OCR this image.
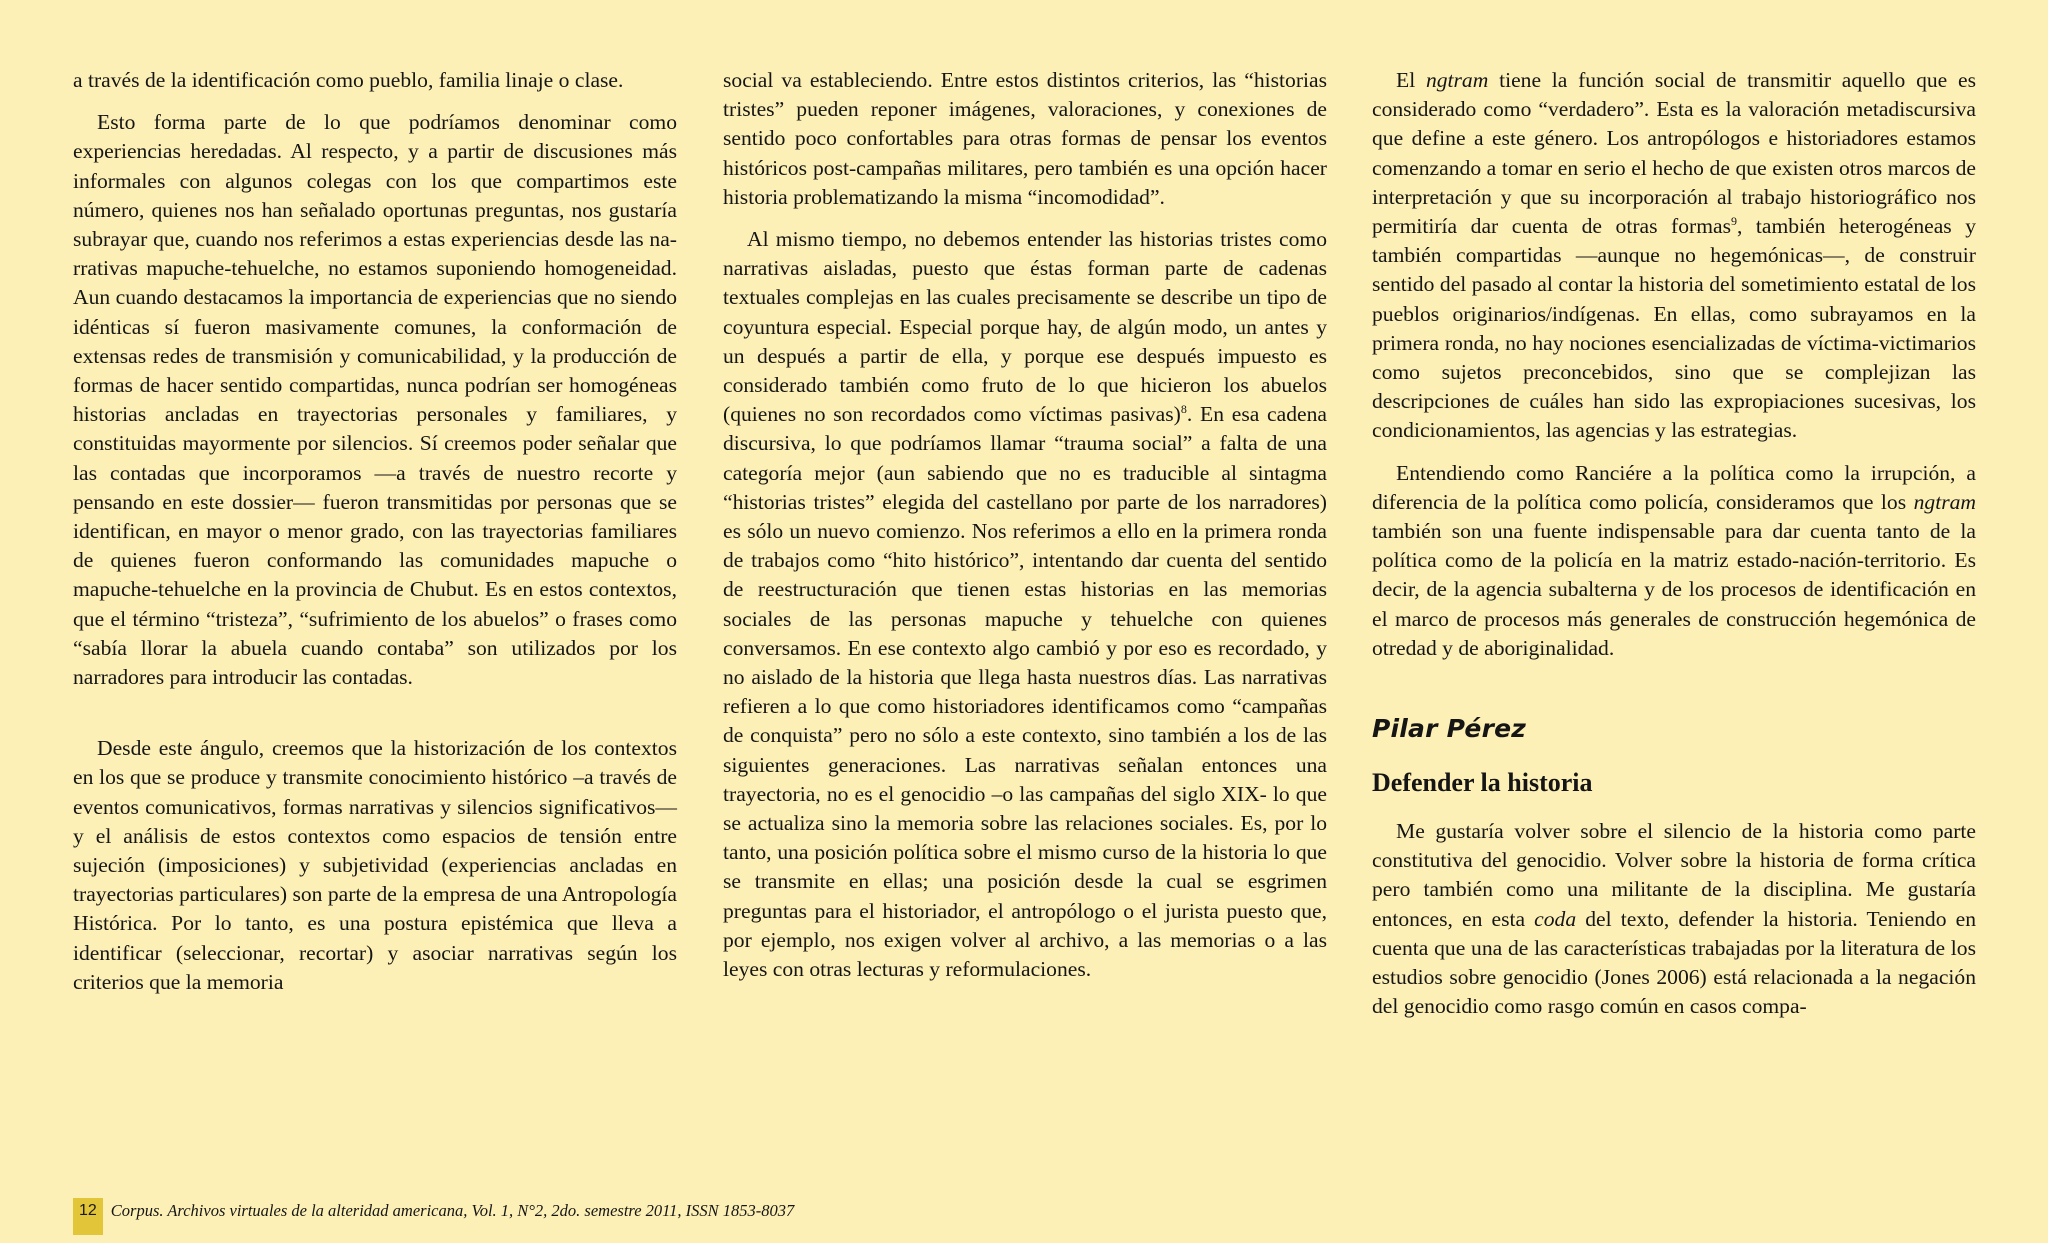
a través de la identificación como pueblo, familia linaje o clase.

Esto forma parte de lo que podríamos denominar como experiencias heredadas. Al respecto, y a partir de discusiones más informales con algunos colegas con los que compartimos este número, quienes nos han señalado oportunas preguntas, nos gustaría subrayar que, cuando nos referimos a estas experiencias desde las narrativas mapuche-tehuelche, no estamos suponiendo homogeneidad. Aun cuando destacamos la importancia de experiencias que no siendo idénticas sí fueron masivamente comunes, la conformación de extensas redes de transmisión y comunicabilidad, y la producción de formas de hacer sentido compartidas, nunca podrían ser homogéneas historias ancladas en trayectorias personales y familiares, y constituidas mayormente por silencios. Sí creemos poder señalar que las contadas que incorporamos —a través de nuestro recorte y pensando en este dossier— fueron transmitidas por personas que se identifican, en mayor o menor grado, con las trayectorias familiares de quienes fueron conformando las comunidades mapuche o mapuche-tehuelche en la provincia de Chubut. Es en estos contextos, que el término “tristeza”, “sufrimiento de los abuelos” o frases como “sabía llorar la abuela cuando contaba” son utilizados por los narradores para introducir las contadas.

Desde este ángulo, creemos que la historización de los contextos en los que se produce y transmite conocimiento histórico –a través de eventos comunicativos, formas narrativas y silencios significativos—y el análisis de estos contextos como espacios de tensión entre sujeción (imposiciones) y subjetividad (experiencias ancladas en trayectorias particulares) son parte de la empresa de una Antropología Histórica. Por lo tanto, es una postura epistémica que lleva a identificar (seleccionar, recortar) y asociar narrativas según los criterios que la memoria

social va estableciendo. Entre estos distintos criterios, las “historias tristes” pueden reponer imágenes, valoraciones, y conexiones de sentido poco confortables para otras formas de pensar los eventos históricos post-campañas militares, pero también es una opción hacer historia problematizando la misma “incomodidad”.

Al mismo tiempo, no debemos entender las historias tristes como narrativas aisladas, puesto que éstas forman parte de cadenas textuales complejas en las cuales precisamente se describe un tipo de coyuntura especial. Especial porque hay, de algún modo, un antes y un después a partir de ella, y porque ese después impuesto es considerado también como fruto de lo que hicieron los abuelos (quienes no son recordados como víctimas pasivas)$^8$. En esa cadena discursiva, lo que podríamos llamar “trauma social” a falta de una categoría mejor (aun sabiendo que no es traducible al sintagma “historias tristes” elegida del castellano por parte de los narradores) es sólo un nuevo comienzo. Nos referimos a ello en la primera ronda de trabajos como “hito histórico”, intentando dar cuenta del sentido de reestructuración que tienen estas historias en las memorias sociales de las personas mapuche y tehuelche con quienes conversamos. En ese contexto algo cambió y por eso es recordado, y no aislado de la historia que llega hasta nuestros días. Las narrativas refieren a lo que como historiadores identificamos como “campañas de conquista” pero no sólo a este contexto, sino también a los de las siguientes generaciones. Las narrativas señalan entonces una trayectoria, no es el genocidio –o las campañas del siglo XIX- lo que se actualiza sino la memoria sobre las relaciones sociales. Es, por lo tanto, una posición política sobre el mismo curso de la historia lo que se transmite en ellas; una posición desde la cual se esgrimen preguntas para el historiador, el antropólogo o el jurista puesto que, por ejemplo, nos exigen volver al archivo, a las memorias o a las leyes con otras lecturas y reformulaciones.

El ngtram tiene la función social de transmitir aquello que es considerado como “verdadero”. Esta es la valoración metadiscursiva que define a este género. Los antropólogos e historiadores estamos comenzando a tomar en serio el hecho de que existen otros marcos de interpretación y que su incorporación al trabajo historiográfico nos permitiría dar cuenta de otras formas$^9$, también heterogéneas y también compartidas —aunque no hegemónicas—, de construir sentido del pasado al contar la historia del sometimiento estatal de los pueblos originarios/indígenas. En ellas, como subrayamos en la primera ronda, no hay nociones esencializadas de víctima-victimarios como sujetos preconcebidos, sino que se complejizan las descripciones de cuáles han sido las expropiaciones sucesivas, los condicionamientos, las agencias y las estrategias.

Entendiendo como Ranciére a la política como la irrupción, a diferencia de la política como policía, consideramos que los ngtram también son una fuente indispensable para dar cuenta tanto de la política como de la policía en la matriz estado-nación-territorio. Es decir, de la agencia subalterna y de los procesos de identificación en el marco de procesos más generales de construcción hegemónica de otredad y de aboriginalidad.

Pilar Pérez

Defender la historia

Me gustaría volver sobre el silencio de la historia como parte constitutiva del genocidio. Volver sobre la historia de forma crítica pero también como una militante de la disciplina. Me gustaría entonces, en esta coda del texto, defender la historia. Teniendo en cuenta que una de las características trabajadas por la literatura de los estudios sobre genocidio (Jones 2006) está relacionada a la negación del genocidio como rasgo común en casos compa-

12 Corpus. Archivos virtuales de la alteridad americana, Vol. 1, N°2, 2do. semestre 2011, ISSN 1853-8037
